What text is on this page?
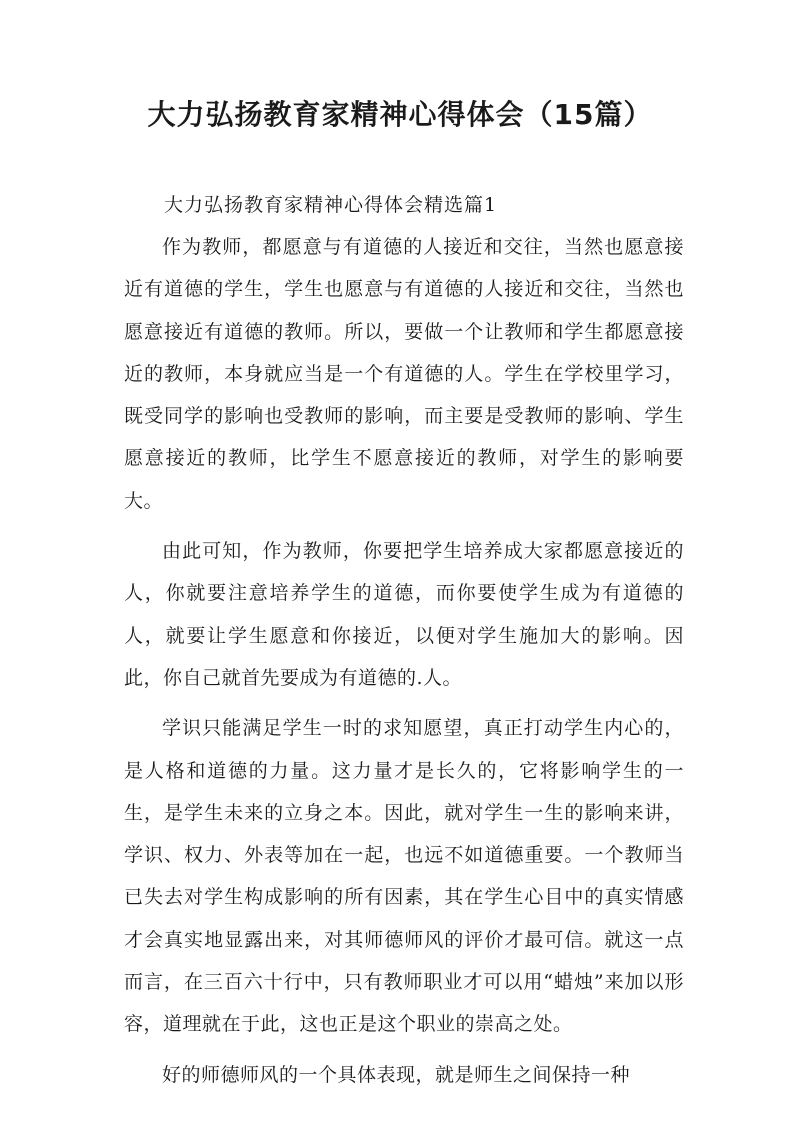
大力弘扬教育家精神心得体会（15篇）
大力弘扬教育家精神心得体会精选篇1

作为教师，都愿意与有道德的人接近和交往，当然也愿意接近有道德的学生，学生也愿意与有道德的人接近和交往，当然也愿意接近有道德的教师。所以，要做一个让教师和学生都愿意接近的教师，本身就应当是一个有道德的人。学生在学校里学习，既受同学的影响也受教师的影响，而主要是受教师的影响、学生愿意接近的教师，比学生不愿意接近的教师，对学生的影响要大。

由此可知，作为教师，你要把学生培养成大家都愿意接近的人，你就要注意培养学生的道德，而你要使学生成为有道德的人，就要让学生愿意和你接近，以便对学生施加大的影响。因此，你自己就首先要成为有道德的.人。

学识只能满足学生一时的求知愿望，真正打动学生内心的，是人格和道德的力量。这力量才是长久的，它将影响学生的一生，是学生未来的立身之本。因此，就对学生一生的影响来讲，学识、权力、外表等加在一起，也远不如道德重要。一个教师当已失去对学生构成影响的所有因素，其在学生心目中的真实情感才会真实地显露出来，对其师德师风的评价才最可信。就这一点而言，在三百六十行中，只有教师职业才可以用“蜡烛”来加以形容，道理就在于此，这也正是这个职业的崇高之处。

好的师德师风的一个具体表现，就是师生之间保持一种
